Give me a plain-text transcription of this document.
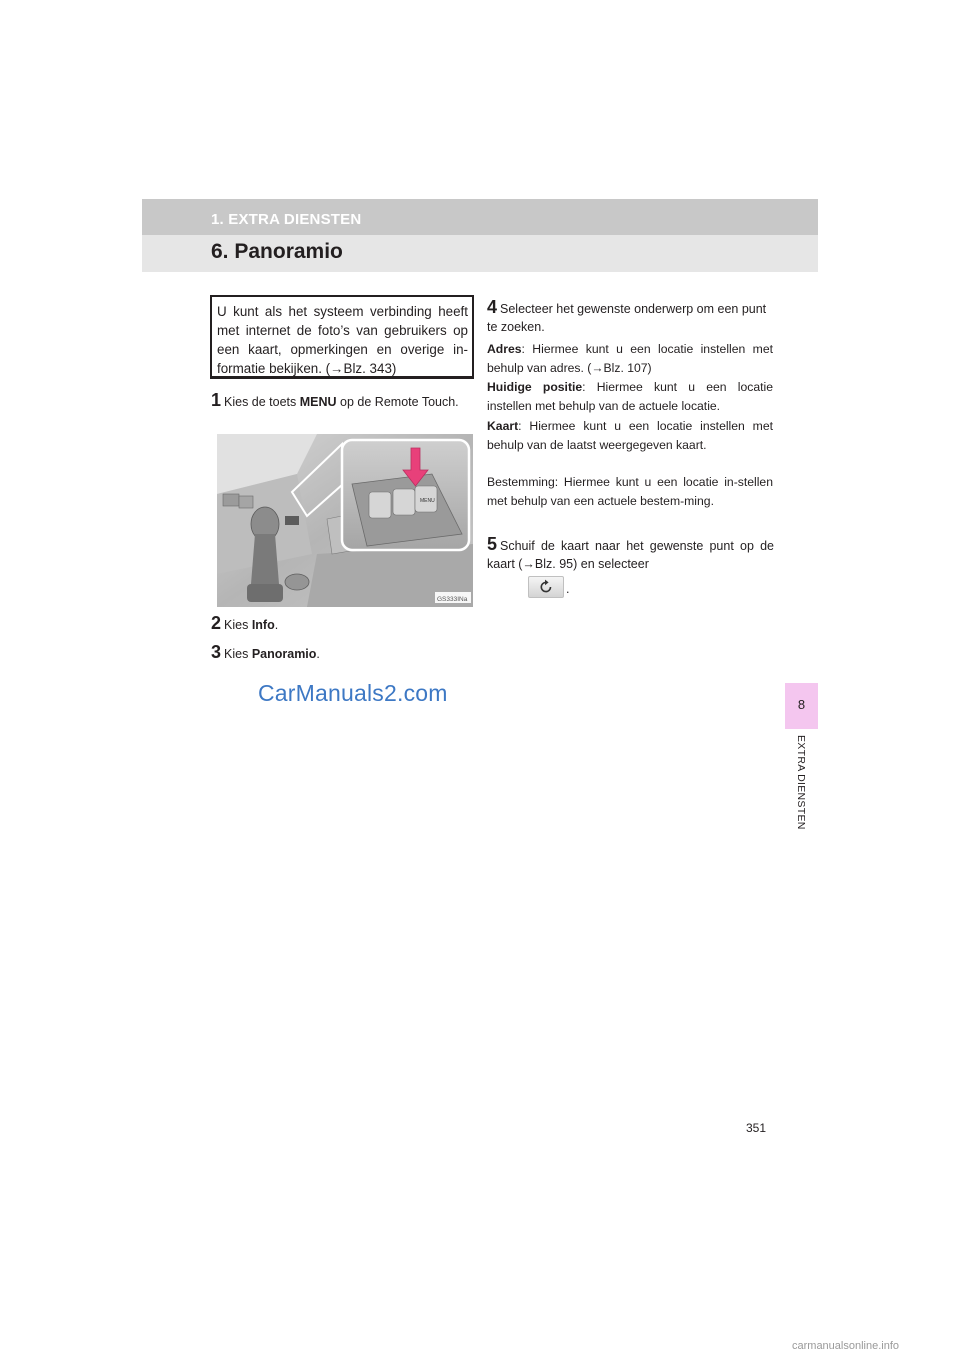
1. EXTRA DIENSTEN
6. Panoramio
8
EXTRA DIENSTEN
U kunt als het systeem verbinding heeft met internet de foto’s van gebruikers op een kaart, opmerkingen en overige in-formatie bekijken. (→Blz. 343)
1 Kies de toets MENU op de Remote Touch.
MENU
GS333INa
2 Kies Info.
3 Kies Panoramio.
4 Selecteer het gewenste onderwerp om een punt te zoeken.
Adres: Hiermee kunt u een locatie instellen met behulp van adres. (→Blz. 107)
Huidige positie: Hiermee kunt u een locatie instellen met behulp van de actuele locatie.
Kaart: Hiermee kunt u een locatie instellen met behulp van de laatst weergegeven kaart.
Bestemming: Hiermee kunt u een locatie in-stellen met behulp van een actuele bestem-ming.
5 Schuif de kaart naar het gewenste punt op de kaart (→Blz. 95) en selecteer
.
CarManuals2.com
351
carmanualsonline.info
